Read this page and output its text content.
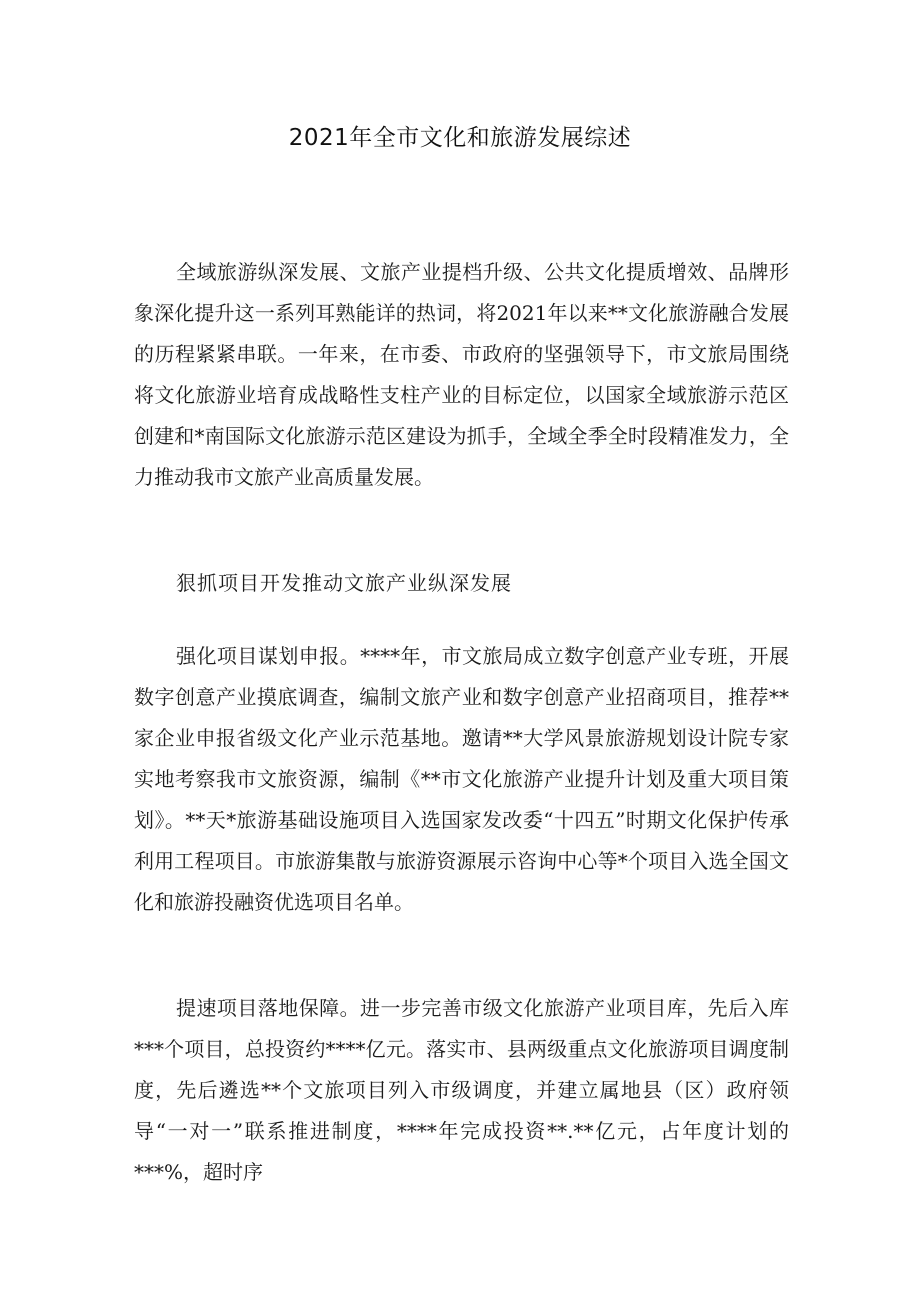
2021年全市文化和旅游发展综述

全域旅游纵深发展、文旅产业提档升级、公共文化提质增效、品牌形象深化提升这一系列耳熟能详的热词，将2021年以来**文化旅游融合发展的历程紧紧串联。一年来，在市委、市政府的坚强领导下，市文旅局围绕将文化旅游业培育成战略性支柱产业的目标定位，以国家全域旅游示范区创建和*南国际文化旅游示范区建设为抓手，全域全季全时段精准发力，全力推动我市文旅产业高质量发展。

狠抓项目开发推动文旅产业纵深发展

强化项目谋划申报。****年，市文旅局成立数字创意产业专班，开展数字创意产业摸底调查，编制文旅产业和数字创意产业招商项目，推荐**家企业申报省级文化产业示范基地。邀请**大学风景旅游规划设计院专家实地考察我市文旅资源，编制《**市文化旅游产业提升计划及重大项目策划》。**天*旅游基础设施项目入选国家发改委“十四五”时期文化保护传承利用工程项目。市旅游集散与旅游资源展示咨询中心等*个项目入选全国文化和旅游投融资优选项目名单。

提速项目落地保障。进一步完善市级文化旅游产业项目库，先后入库***个项目，总投资约****亿元。落实市、县两级重点文化旅游项目调度制度，先后遴选**个文旅项目列入市级调度，并建立属地县（区）政府领导“一对一”联系推进制度，****年完成投资**.**亿元，占年度计划的***%，超时序
